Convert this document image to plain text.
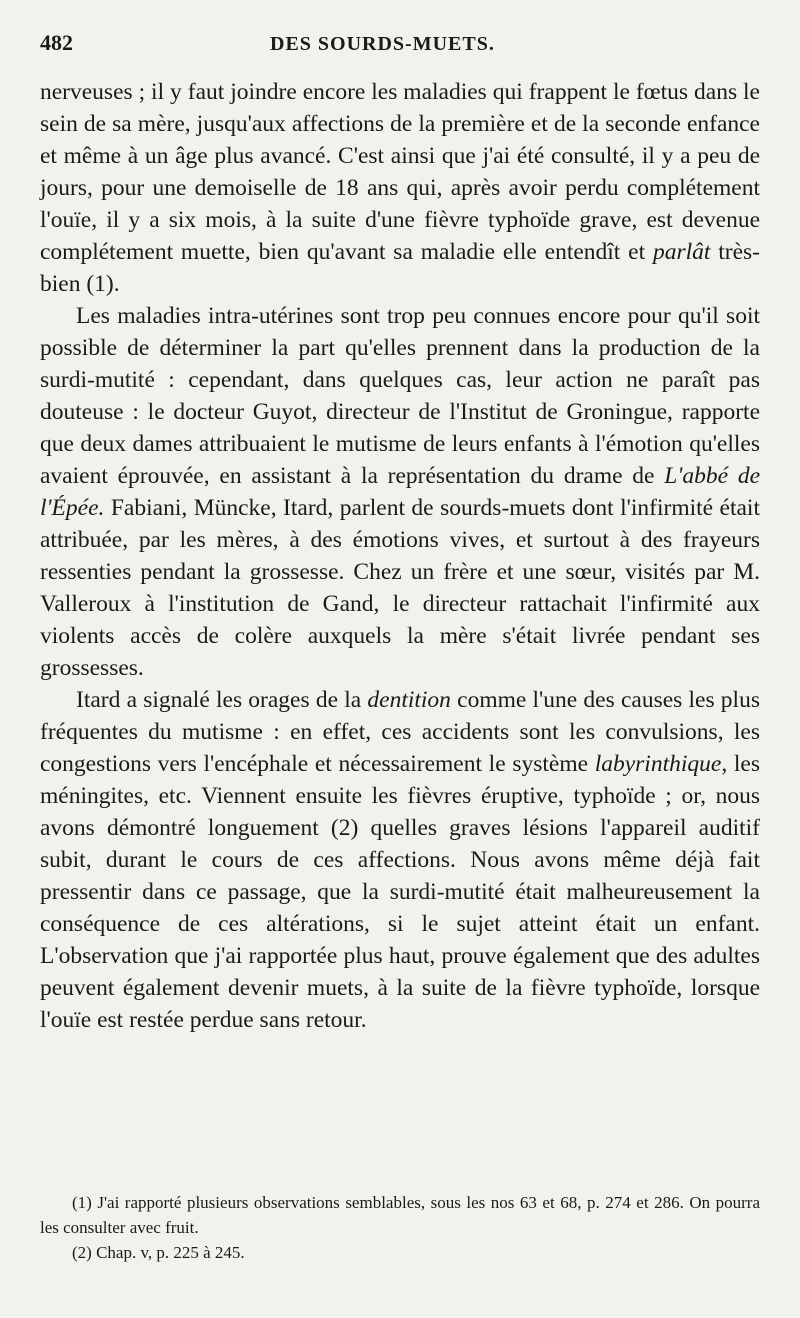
482	DES SOURDS-MUETS.

nerveuses ; il y faut joindre encore les maladies qui frappent le fœtus dans le sein de sa mère, jusqu'aux affections de la première et de la seconde enfance et même à un âge plus avancé. C'est ainsi que j'ai été consulté, il y a peu de jours, pour une demoiselle de 18 ans qui, après avoir perdu complétement l'ouïe, il y a six mois, à la suite d'une fièvre typhoïde grave, est devenue complétement muette, bien qu'avant sa maladie elle entendît et parlât très-bien (1).

Les maladies intra-utérines sont trop peu connues encore pour qu'il soit possible de déterminer la part qu'elles prennent dans la production de la surdi-mutité : cependant, dans quelques cas, leur action ne paraît pas douteuse : le docteur Guyot, directeur de l'Institut de Groningue, rapporte que deux dames attribuaient le mutisme de leurs enfants à l'émotion qu'elles avaient éprouvée, en assistant à la représentation du drame de L'abbé de l'Épée. Fabiani, Müncke, Itard, parlent de sourds-muets dont l'infirmité était attribuée, par les mères, à des émotions vives, et surtout à des frayeurs ressenties pendant la grossesse. Chez un frère et une sœur, visités par M. Valleroux à l'institution de Gand, le directeur rattachait l'infirmité aux violents accès de colère auxquels la mère s'était livrée pendant ses grossesses.

Itard a signalé les orages de la dentition comme l'une des causes les plus fréquentes du mutisme : en effet, ces accidents sont les convulsions, les congestions vers l'encéphale et nécessairement le système labyrinthique, les méningites, etc. Viennent ensuite les fièvres éruptive, typhoïde ; or, nous avons démontré longuement (2) quelles graves lésions l'appareil auditif subit, durant le cours de ces affections. Nous avons même déjà fait pressentir dans ce passage, que la surdi-mutité était malheureusement la conséquence de ces altérations, si le sujet atteint était un enfant. L'observation que j'ai rapportée plus haut, prouve également que des adultes peuvent également devenir muets, à la suite de la fièvre typhoïde, lorsque l'ouïe est restée perdue sans retour.

(1) J'ai rapporté plusieurs observations semblables, sous les nos 63 et 68, p. 274 et 286. On pourra les consulter avec fruit.

(2) Chap. v, p. 225 à 245.
